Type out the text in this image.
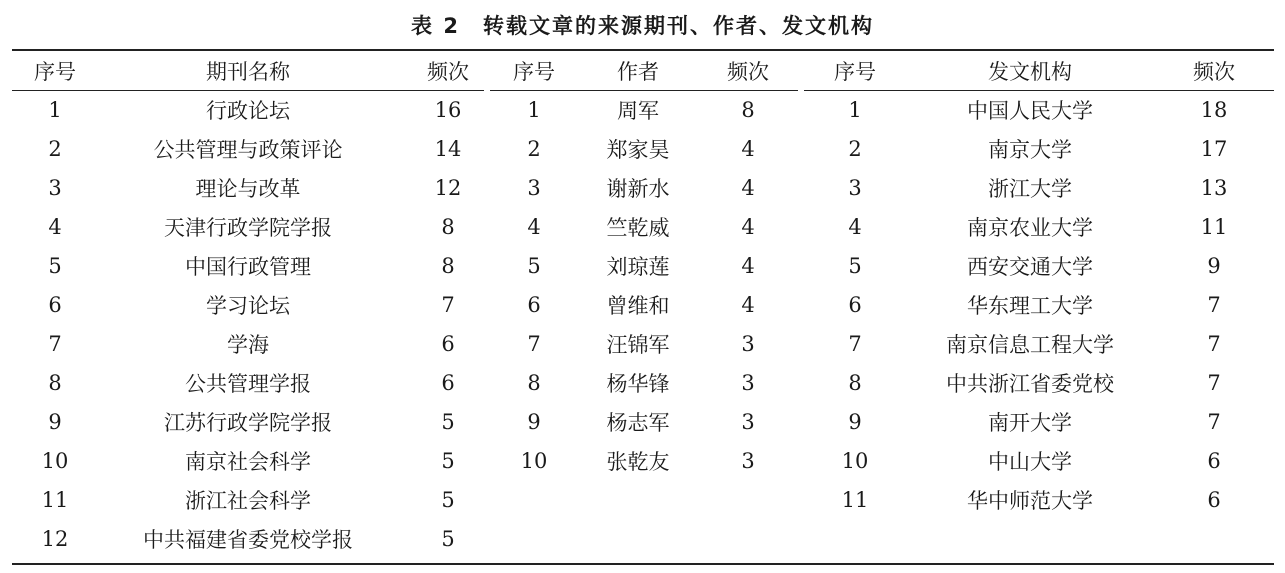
表 2　转载文章的来源期刊、作者、发文机构
序号	期刊名称	频次
1	行政论坛	16
2	公共管理与政策评论	14
3	理论与改革	12
4	天津行政学院学报	8
5	中国行政管理	8
6	学习论坛	7
7	学海	6
8	公共管理学报	6
9	江苏行政学院学报	5
10	南京社会科学	5
11	浙江社会科学	5
12	中共福建省委党校学报	5
序号	作者	频次
1	周军	8
2	郑家昊	4
3	谢新水	4
4	竺乾威	4
5	刘琼莲	4
6	曾维和	4
7	汪锦军	3
8	杨华锋	3
9	杨志军	3
10	张乾友	3
序号	发文机构	频次
1	中国人民大学	18
2	南京大学	17
3	浙江大学	13
4	南京农业大学	11
5	西安交通大学	9
6	华东理工大学	7
7	南京信息工程大学	7
8	中共浙江省委党校	7
9	南开大学	7
10	中山大学	6
11	华中师范大学	6
